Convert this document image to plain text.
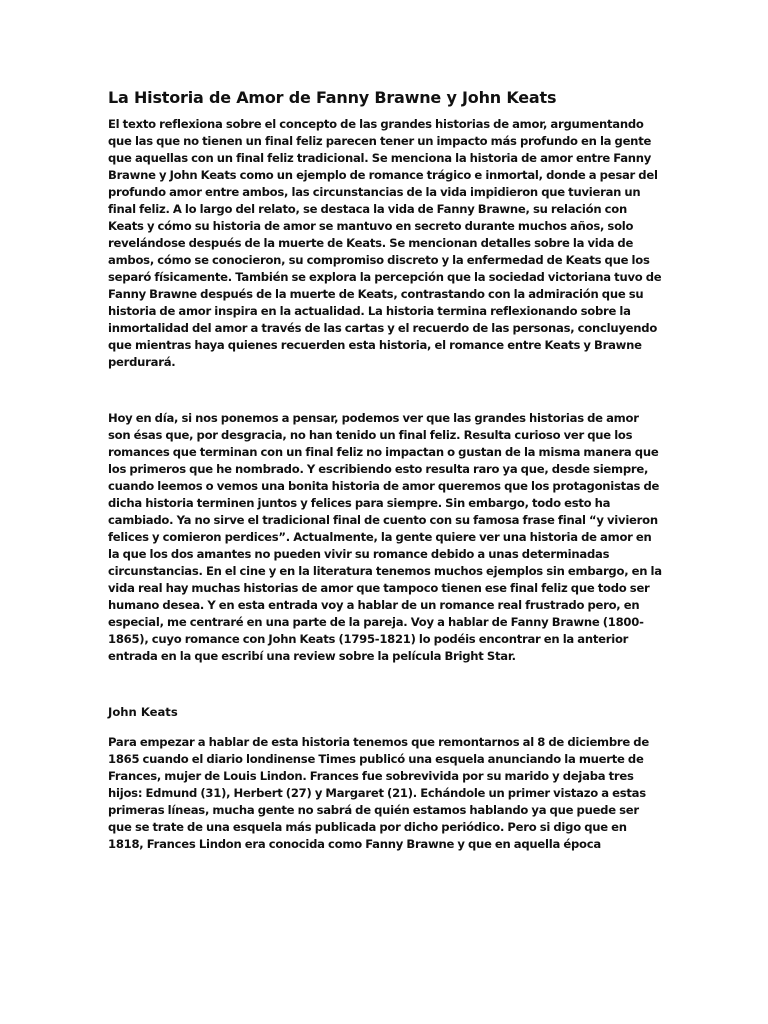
La Historia de Amor de Fanny Brawne y John Keats

El texto reflexiona sobre el concepto de las grandes historias de amor, argumentando que las que no tienen un final feliz parecen tener un impacto más profundo en la gente que aquellas con un final feliz tradicional. Se menciona la historia de amor entre Fanny Brawne y John Keats como un ejemplo de romance trágico e inmortal, donde a pesar del profundo amor entre ambos, las circunstancias de la vida impidieron que tuvieran un final feliz. A lo largo del relato, se destaca la vida de Fanny Brawne, su relación con Keats y cómo su historia de amor se mantuvo en secreto durante muchos años, solo revelándose después de la muerte de Keats. Se mencionan detalles sobre la vida de ambos, cómo se conocieron, su compromiso discreto y la enfermedad de Keats que los separó físicamente. También se explora la percepción que la sociedad victoriana tuvo de Fanny Brawne después de la muerte de Keats, contrastando con la admiración que su historia de amor inspira en la actualidad. La historia termina reflexionando sobre la inmortalidad del amor a través de las cartas y el recuerdo de las personas, concluyendo que mientras haya quienes recuerden esta historia, el romance entre Keats y Brawne perdurará.

Hoy en día, si nos ponemos a pensar, podemos ver que las grandes historias de amor son ésas que, por desgracia, no han tenido un final feliz. Resulta curioso ver que los romances que terminan con un final feliz no impactan o gustan de la misma manera que los primeros que he nombrado. Y escribiendo esto resulta raro ya que, desde siempre, cuando leemos o vemos una bonita historia de amor queremos que los protagonistas de dicha historia terminen juntos y felices para siempre. Sin embargo, todo esto ha cambiado. Ya no sirve el tradicional final de cuento con su famosa frase final “y vivieron felices y comieron perdices”. Actualmente, la gente quiere ver una historia de amor en la que los dos amantes no pueden vivir su romance debido a unas determinadas circunstancias. En el cine y en la literatura tenemos muchos ejemplos sin embargo, en la vida real hay muchas historias de amor que tampoco tienen ese final feliz que todo ser humano desea. Y en esta entrada voy a hablar de un romance real frustrado pero, en especial, me centraré en una parte de la pareja. Voy a hablar de Fanny Brawne (1800-1865), cuyo romance con John Keats (1795-1821) lo podéis encontrar en la anterior entrada en la que escribí una review sobre la película Bright Star.

John Keats

Para empezar a hablar de esta historia tenemos que remontarnos al 8 de diciembre de 1865 cuando el diario londinense Times publicó una esquela anunciando la muerte de Frances, mujer de Louis Lindon. Frances fue sobrevivida por su marido y dejaba tres hijos: Edmund (31), Herbert (27) y Margaret (21). Echándole un primer vistazo a estas primeras líneas, mucha gente no sabrá de quién estamos hablando ya que puede ser que se trate de una esquela más publicada por dicho periódico. Pero si digo que en 1818, Frances Lindon era conocida como Fanny Brawne y que en aquella época
